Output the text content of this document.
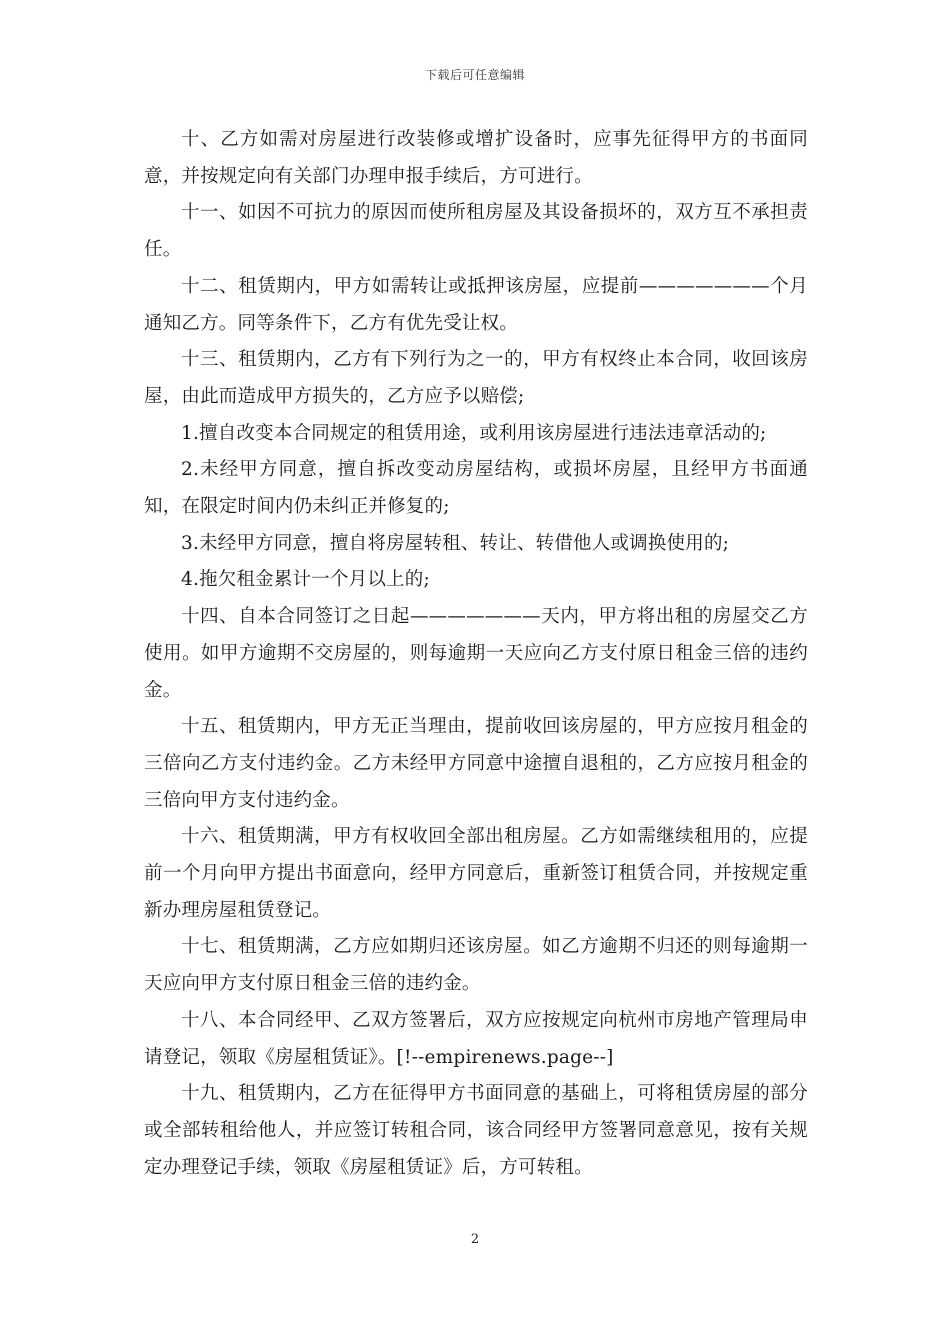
下载后可任意编辑

十、乙方如需对房屋进行改装修或增扩设备时，应事先征得甲方的书面同意，并按规定向有关部门办理申报手续后，方可进行。

十一、如因不可抗力的原因而使所租房屋及其设备损坏的，双方互不承担责任。

十二、租赁期内，甲方如需转让或抵押该房屋，应提前———————个月通知乙方。同等条件下，乙方有优先受让权。

十三、租赁期内，乙方有下列行为之一的，甲方有权终止本合同，收回该房屋，由此而造成甲方损失的，乙方应予以赔偿;

1.擅自改变本合同规定的租赁用途，或利用该房屋进行违法违章活动的;

2.未经甲方同意，擅自拆改变动房屋结构，或损坏房屋，且经甲方书面通知，在限定时间内仍未纠正并修复的;

3.未经甲方同意，擅自将房屋转租、转让、转借他人或调换使用的;

4.拖欠租金累计一个月以上的;

十四、自本合同签订之日起———————天内，甲方将出租的房屋交乙方使用。如甲方逾期不交房屋的，则每逾期一天应向乙方支付原日租金三倍的违约金。

十五、租赁期内，甲方无正当理由，提前收回该房屋的，甲方应按月租金的三倍向乙方支付违约金。乙方未经甲方同意中途擅自退租的，乙方应按月租金的三倍向甲方支付违约金。

十六、租赁期满，甲方有权收回全部出租房屋。乙方如需继续租用的，应提前一个月向甲方提出书面意向，经甲方同意后，重新签订租赁合同，并按规定重新办理房屋租赁登记。

十七、租赁期满，乙方应如期归还该房屋。如乙方逾期不归还的则每逾期一天应向甲方支付原日租金三倍的违约金。

十八、本合同经甲、乙双方签署后，双方应按规定向杭州市房地产管理局申请登记，领取《房屋租赁证》。[!--empirenews.page--]

十九、租赁期内，乙方在征得甲方书面同意的基础上，可将租赁房屋的部分或全部转租给他人，并应签订转租合同，该合同经甲方签署同意意见，按有关规定办理登记手续，领取《房屋租赁证》后，方可转租。

2
